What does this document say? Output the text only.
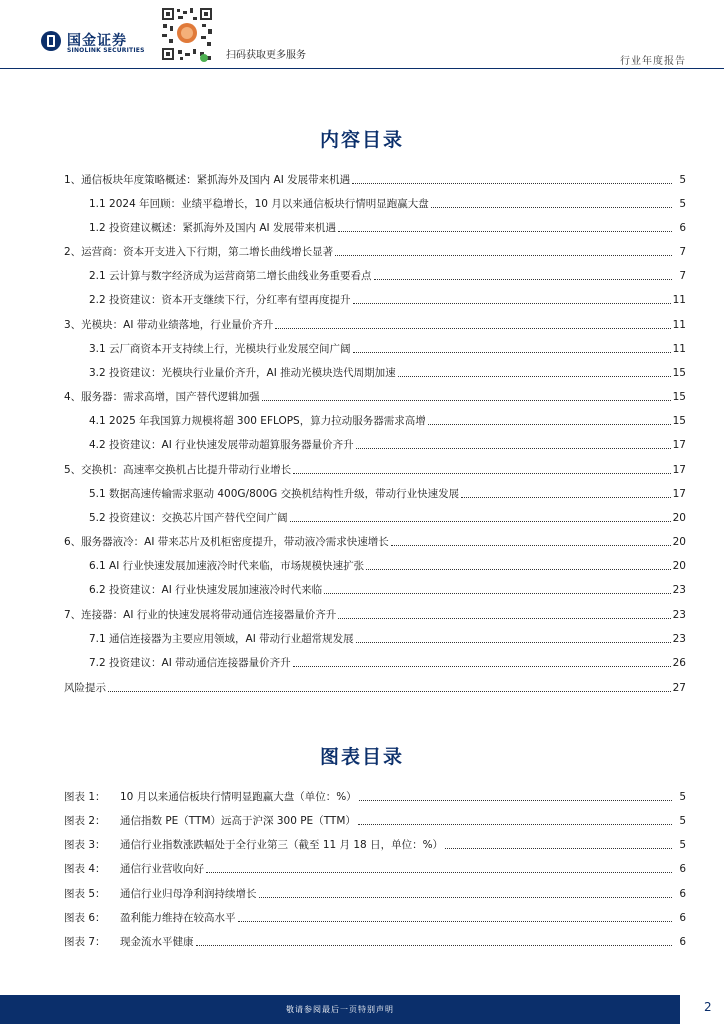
国金证券
SINOLINK SECURITIES	扫码获取更多服务
行业年度报告
内容目录
1、通信板块年度策略概述：紧抓海外及国内 AI 发展带来机遇	5
1.1 2024 年回顾：业绩平稳增长，10 月以来通信板块行情明显跑赢大盘	5
1.2 投资建议概述：紧抓海外及国内 AI 发展带来机遇	6
2、运营商：资本开支进入下行期，第二增长曲线增长显著	7
2.1 云计算与数字经济成为运营商第二增长曲线业务重要看点	7
2.2 投资建议：资本开支继续下行，分红率有望再度提升	11
3、光模块：AI 带动业绩落地，行业量价齐升	11
3.1 云厂商资本开支持续上行，光模块行业发展空间广阔	11
3.2 投资建议：光模块行业量价齐升，AI 推动光模块迭代周期加速	15
4、服务器：需求高增，国产替代逻辑加强	15
4.1 2025 年我国算力规模将超 300 EFLOPS，算力拉动服务器需求高增	15
4.2 投资建议：AI 行业快速发展带动超算服务器量价齐升	17
5、交换机：高速率交换机占比提升带动行业增长	17
5.1 数据高速传输需求驱动 400G/800G 交换机结构性升级，带动行业快速发展	17
5.2 投资建议：交换芯片国产替代空间广阔	20
6、服务器液冷：AI 带来芯片及机柜密度提升，带动液冷需求快速增长	20
6.1 AI 行业快速发展加速液冷时代来临，市场规模快速扩张	20
6.2 投资建议：AI 行业快速发展加速液冷时代来临	23
7、连接器：AI 行业的快速发展将带动通信连接器量价齐升	23
7.1 通信连接器为主要应用领域，AI 带动行业超常规发展	23
7.2 投资建议：AI 带动通信连接器量价齐升	26
风险提示	27
图表目录
图表 1：	10 月以来通信板块行情明显跑赢大盘（单位：%）	5
图表 2：	通信指数 PE（TTM）远高于沪深 300 PE（TTM）	5
图表 3：	通信行业指数涨跌幅处于全行业第三（截至 11 月 18 日，单位：%）	5
图表 4：	通信行业营收向好	6
图表 5：	通信行业归母净利润持续增长	6
图表 6：	盈利能力维持在较高水平	6
图表 7：	现金流水平健康	6
敬请参阅最后一页特别声明	2
